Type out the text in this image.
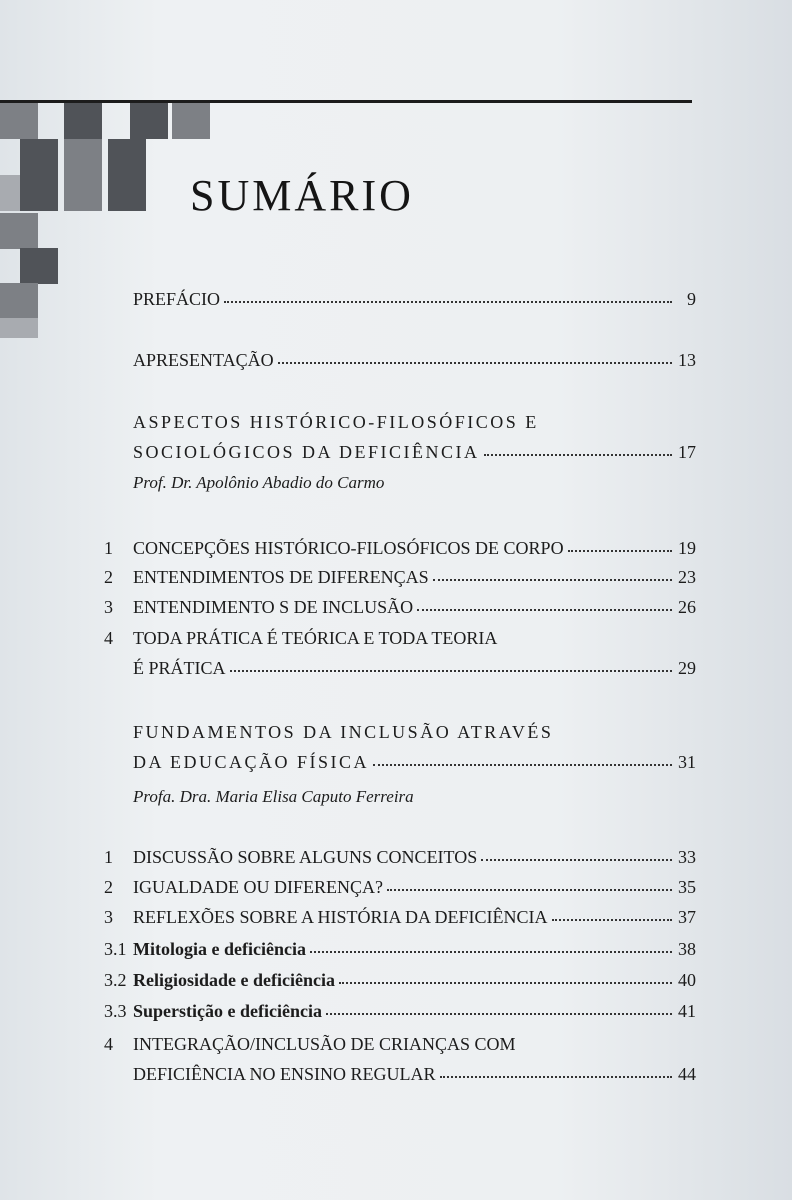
SUMÁRIO
PREFÁCIO	9
APRESENTAÇÃO	13
ASPECTOS HISTÓRICO-FILOSÓFICOS E
SOCIOLÓGICOS DA DEFICIÊNCIA	17
Prof. Dr. Apolônio Abadio do Carmo
1	CONCEPÇÕES HISTÓRICO-FILOSÓFICOS DE CORPO	19
2	ENTENDIMENTOS DE DIFERENÇAS	23
3	ENTENDIMENTO S DE INCLUSÃO	26
4	TODA PRÁTICA É TEÓRICA E TODA TEORIA
É PRÁTICA	29
FUNDAMENTOS DA INCLUSÃO ATRAVÉS
DA EDUCAÇÃO FÍSICA	31
Profa. Dra. Maria Elisa Caputo Ferreira
1	DISCUSSÃO SOBRE ALGUNS CONCEITOS	33
2	IGUALDADE OU DIFERENÇA?	35
3	REFLEXÕES SOBRE A HISTÓRIA DA DEFICIÊNCIA	37
3.1 Mitologia e deficiência	38
3.2 Religiosidade e deficiência	40
3.3 Superstição e deficiência	41
4	INTEGRAÇÃO/INCLUSÃO DE CRIANÇAS COM
DEFICIÊNCIA NO ENSINO REGULAR	44
